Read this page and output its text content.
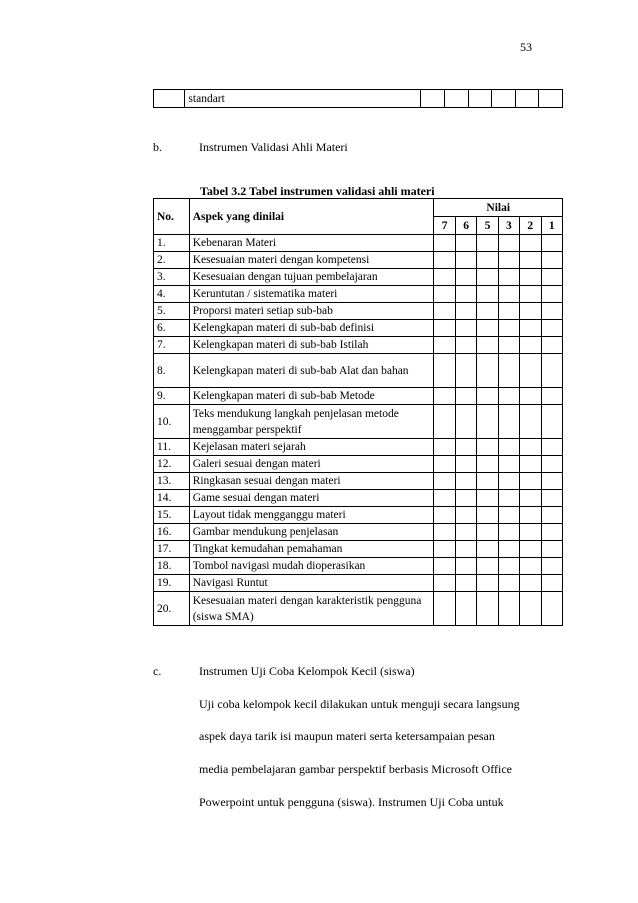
53
	standart						
b.	Instrumen Validasi Ahli Materi
Tabel 3.2 Tabel instrumen validasi ahli materi
No.	Aspek yang dinilai	Nilai					
		7	6	5	3	2	1
1.	Kebenaran Materi						
2.	Kesesuaian materi dengan kompetensi						
3.	Kesesuaian dengan tujuan pembelajaran						
4.	Keruntutan / sistematika materi						
5.	Proporsi materi setiap sub-bab						
6.	Kelengkapan materi di sub-bab definisi						
7.	Kelengkapan materi di sub-bab Istilah						
8.	Kelengkapan materi di sub-bab Alat dan bahan						
9.	Kelengkapan materi di sub-bab Metode						
10.	Teks mendukung langkah penjelasan metode menggambar perspektif						
11.	Kejelasan materi sejarah						
12.	Galeri sesuai dengan materi						
13.	Ringkasan sesuai dengan materi						
14.	Game sesuai dengan materi						
15.	Layout tidak mengganggu materi						
16.	Gambar mendukung penjelasan						
17.	Tingkat kemudahan pemahaman						
18.	Tombol navigasi mudah dioperasikan						
19.	Navigasi Runtut						
20.	Kesesuaian materi dengan karakteristik pengguna (siswa SMA)						
c.	Instrumen Uji Coba Kelompok Kecil (siswa)
Uji coba kelompok kecil dilakukan untuk menguji secara langsung
aspek daya tarik isi maupun materi serta ketersampaian pesan
media pembelajaran gambar perspektif berbasis Microsoft Office
Powerpoint untuk pengguna (siswa). Instrumen Uji Coba untuk
